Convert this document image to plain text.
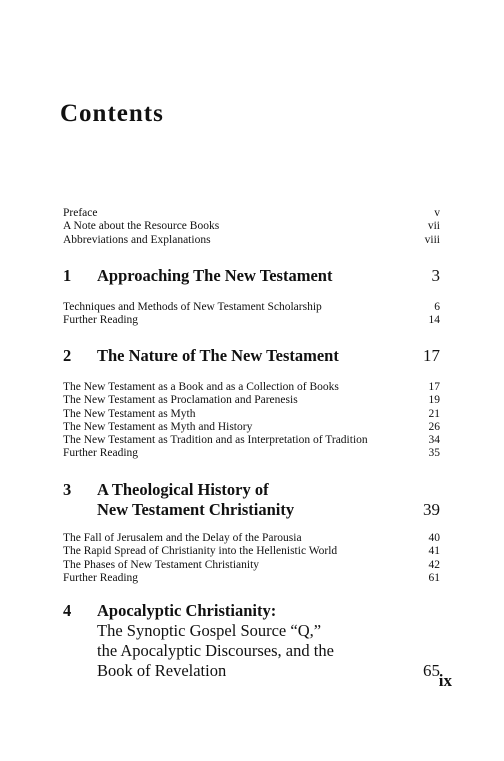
Contents
Preface	v
A Note about the Resource Books	vii
Abbreviations and Explanations	viii
1	Approaching The New Testament	3
Techniques and Methods of New Testament Scholarship	6
Further Reading	14
2	The Nature of The New Testament	17
The New Testament as a Book and as a Collection of Books	17
The New Testament as Proclamation and Parenesis	19
The New Testament as Myth	21
The New Testament as Myth and History	26
The New Testament as Tradition and as Interpretation of Tradition	34
Further Reading	35
3	A Theological History of
New Testament Christianity	39
The Fall of Jerusalem and the Delay of the Parousia	40
The Rapid Spread of Christianity into the Hellenistic World	41
The Phases of New Testament Christianity	42
Further Reading	61
4	Apocalyptic Christianity:
The Synoptic Gospel Source “Q,”
the Apocalyptic Discourses, and the
Book of Revelation	65
ix
